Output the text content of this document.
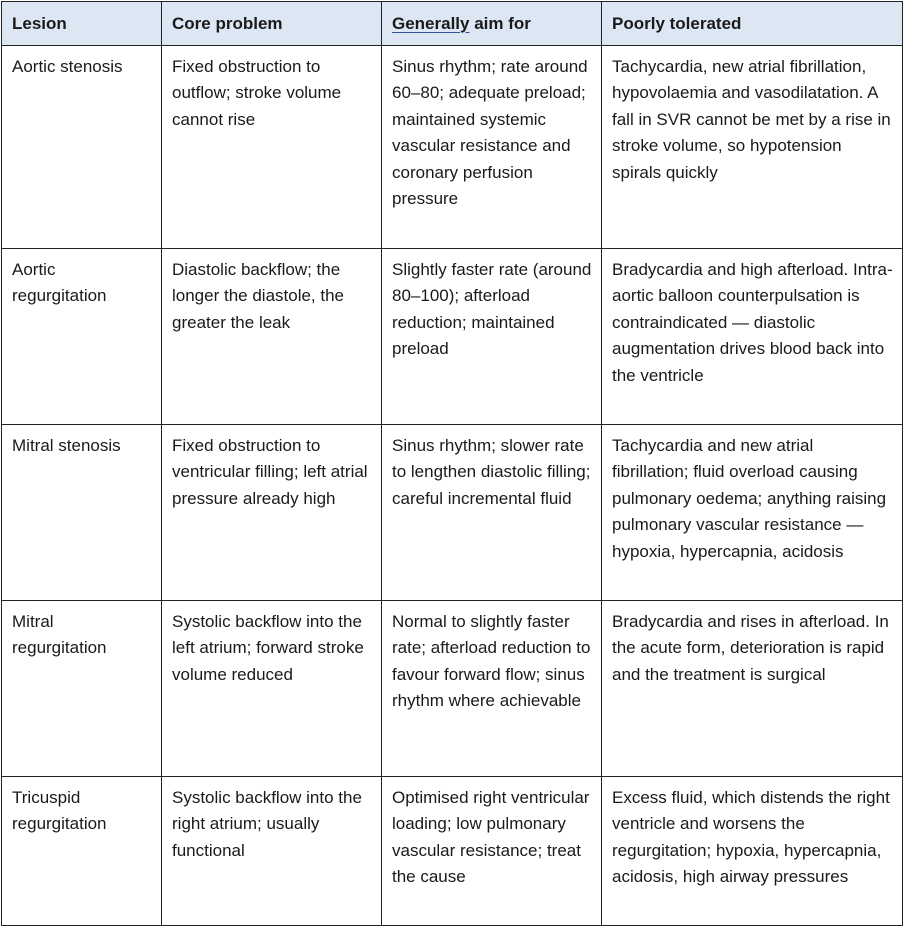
Lesion	Core problem	Generally aim for	Poorly tolerated
Aortic stenosis	Fixed obstruction to outflow; stroke volume cannot rise	Sinus rhythm; rate around 60–80; adequate preload; maintained systemic vascular resistance and coronary perfusion pressure	Tachycardia, new atrial fibrillation, hypovolaemia and vasodilatation. A fall in SVR cannot be met by a rise in stroke volume, so hypotension spirals quickly
Aortic regurgitation	Diastolic backflow; the longer the diastole, the greater the leak	Slightly faster rate (around 80–100); afterload reduction; maintained preload	Bradycardia and high afterload. Intra-aortic balloon counterpulsation is contraindicated — diastolic augmentation drives blood back into the ventricle
Mitral stenosis	Fixed obstruction to ventricular filling; left atrial pressure already high	Sinus rhythm; slower rate to lengthen diastolic filling; careful incremental fluid	Tachycardia and new atrial fibrillation; fluid overload causing pulmonary oedema; anything raising pulmonary vascular resistance — hypoxia, hypercapnia, acidosis
Mitral regurgitation	Systolic backflow into the left atrium; forward stroke volume reduced	Normal to slightly faster rate; afterload reduction to favour forward flow; sinus rhythm where achievable	Bradycardia and rises in afterload. In the acute form, deterioration is rapid and the treatment is surgical
Tricuspid regurgitation	Systolic backflow into the right atrium; usually functional	Optimised right ventricular loading; low pulmonary vascular resistance; treat the cause	Excess fluid, which distends the right ventricle and worsens the regurgitation; hypoxia, hypercapnia, acidosis, high airway pressures
